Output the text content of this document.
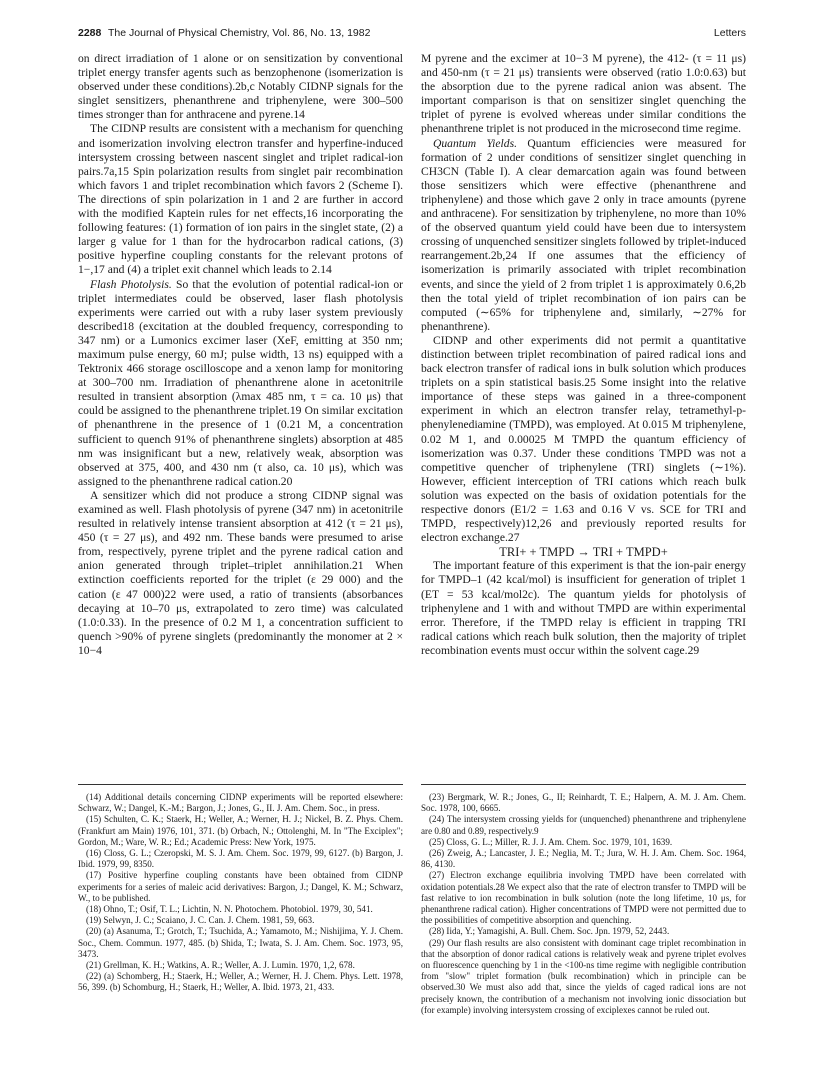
2288 The Journal of Physical Chemistry, Vol. 86, No. 13, 1982	Letters

on direct irradiation of 1 alone or on sensitization by conventional triplet energy transfer agents such as benzophenone (isomerization is observed under these conditions).2b,c Notably CIDNP signals for the singlet sensitizers, phenanthrene and triphenylene, were 300–500 times stronger than for anthracene and pyrene.14

The CIDNP results are consistent with a mechanism for quenching and isomerization involving electron transfer and hyperfine-induced intersystem crossing between nascent singlet and triplet radical-ion pairs.7a,15 Spin polarization results from singlet pair recombination which favors 1 and triplet recombination which favors 2 (Scheme I). The directions of spin polarization in 1 and 2 are further in accord with the modified Kaptein rules for net effects,16 incorporating the following features: (1) formation of ion pairs in the singlet state, (2) a larger g value for 1 than for the hydrocarbon radical cations, (3) positive hyperfine coupling constants for the relevant protons of 1−,17 and (4) a triplet exit channel which leads to 2.14

Flash Photolysis. So that the evolution of potential radical-ion or triplet intermediates could be observed, laser flash photolysis experiments were carried out with a ruby laser system previously described18 (excitation at the doubled frequency, corresponding to 347 nm) or a Lumonics excimer laser (XeF, emitting at 350 nm; maximum pulse energy, 60 mJ; pulse width, 13 ns) equipped with a Tektronix 466 storage oscilloscope and a xenon lamp for monitoring at 300–700 nm. Irradiation of phenanthrene alone in acetonitrile resulted in transient absorption (λmax 485 nm, τ = ca. 10 μs) that could be assigned to the phenanthrene triplet.19 On similar excitation of phenanthrene in the presence of 1 (0.21 M, a concentration sufficient to quench 91% of phenanthrene singlets) absorption at 485 nm was insignificant but a new, relatively weak, absorption was observed at 375, 400, and 430 nm (τ also, ca. 10 μs), which was assigned to the phenanthrene radical cation.20

A sensitizer which did not produce a strong CIDNP signal was examined as well. Flash photolysis of pyrene (347 nm) in acetonitrile resulted in relatively intense transient absorption at 412 (τ = 21 μs), 450 (τ = 27 μs), and 492 nm. These bands were presumed to arise from, respectively, pyrene triplet and the pyrene radical cation and anion generated through triplet–triplet annihilation.21 When extinction coefficients reported for the triplet (ε 29 000) and the cation (ε 47 000)22 were used, a ratio of transients (absorbances decaying at 10–70 μs, extrapolated to zero time) was calculated (1.0:0.33). In the presence of 0.2 M 1, a concentration sufficient to quench >90% of pyrene singlets (predominantly the monomer at 2 × 10−4

M pyrene and the excimer at 10−3 M pyrene), the 412- (τ = 11 μs) and 450-nm (τ = 21 μs) transients were observed (ratio 1.0:0.63) but the absorption due to the pyrene radical anion was absent. The important comparison is that on sensitizer singlet quenching the triplet of pyrene is evolved whereas under similar conditions the phenanthrene triplet is not produced in the microsecond time regime.

Quantum Yields. Quantum efficiencies were measured for formation of 2 under conditions of sensitizer singlet quenching in CH3CN (Table I). A clear demarcation again was found between those sensitizers which were effective (phenanthrene and triphenylene) and those which gave 2 only in trace amounts (pyrene and anthracene). For sensitization by triphenylene, no more than 10% of the observed quantum yield could have been due to intersystem crossing of unquenched sensitizer singlets followed by triplet-induced rearrangement.2b,24 If one assumes that the efficiency of isomerization is primarily associated with triplet recombination events, and since the yield of 2 from triplet 1 is approximately 0.6,2b then the total yield of triplet recombination of ion pairs can be computed (∼65% for triphenylene and, similarly, ∼27% for phenanthrene).

CIDNP and other experiments did not permit a quantitative distinction between triplet recombination of paired radical ions and back electron transfer of radical ions in bulk solution which produces triplets on a spin statistical basis.25 Some insight into the relative importance of these steps was gained in a three-component experiment in which an electron transfer relay, tetramethyl-p-phenylenediamine (TMPD), was employed. At 0.015 M triphenylene, 0.02 M 1, and 0.00025 M TMPD the quantum efficiency of isomerization was 0.37. Under these conditions TMPD was not a competitive quencher of triphenylene (TRI) singlets (∼1%). However, efficient interception of TRI cations which reach bulk solution was expected on the basis of oxidation potentials for the respective donors (E1/2 = 1.63 and 0.16 V vs. SCE for TRI and TMPD, respectively)12,26 and previously reported results for electron exchange.27

TRI+ + TMPD → TRI + TMPD+

The important feature of this experiment is that the ion-pair energy for TMPD–1 (42 kcal/mol) is insufficient for generation of triplet 1 (ET = 53 kcal/mol2c). The quantum yields for photolysis of triphenylene and 1 with and without TMPD are within experimental error. Therefore, if the TMPD relay is efficient in trapping TRI radical cations which reach bulk solution, then the majority of triplet recombination events must occur within the solvent cage.29

(14) Additional details concerning CIDNP experiments will be reported elsewhere: Schwarz, W.; Dangel, K.-M.; Bargon, J.; Jones, G., II. J. Am. Chem. Soc., in press.

(15) Schulten, C. K.; Staerk, H.; Weller, A.; Werner, H. J.; Nickel, B. Z. Phys. Chem. (Frankfurt am Main) 1976, 101, 371. (b) Orbach, N.; Ottolenghi, M. In "The Exciplex"; Gordon, M.; Ware, W. R.; Ed.; Academic Press: New York, 1975.

(16) Closs, G. L.; Czeropski, M. S. J. Am. Chem. Soc. 1979, 99, 6127. (b) Bargon, J. Ibid. 1979, 99, 8350.

(17) Positive hyperfine coupling constants have been obtained from CIDNP experiments for a series of maleic acid derivatives: Bargon, J.; Dangel, K. M.; Schwarz, W., to be published.

(18) Ohno, T.; Osif, T. L.; Lichtin, N. N. Photochem. Photobiol. 1979, 30, 541.

(19) Selwyn, J. C.; Scaiano, J. C. Can. J. Chem. 1981, 59, 663.

(20) (a) Asanuma, T.; Grotch, T.; Tsuchida, A.; Yamamoto, M.; Nishijima, Y. J. Chem. Soc., Chem. Commun. 1977, 485. (b) Shida, T.; Iwata, S. J. Am. Chem. Soc. 1973, 95, 3473.

(21) Grellman, K. H.; Watkins, A. R.; Weller, A. J. Lumin. 1970, 1,2, 678.

(22) (a) Schomberg, H.; Staerk, H.; Weller, A.; Werner, H. J. Chem. Phys. Lett. 1978, 56, 399. (b) Schomburg, H.; Staerk, H.; Weller, A. Ibid. 1973, 21, 433.

(23) Bergmark, W. R.; Jones, G., II; Reinhardt, T. E.; Halpern, A. M. J. Am. Chem. Soc. 1978, 100, 6665.

(24) The intersystem crossing yields for (unquenched) phenanthrene and triphenylene are 0.80 and 0.89, respectively.9

(25) Closs, G. L.; Miller, R. J. J. Am. Chem. Soc. 1979, 101, 1639.

(26) Zweig, A.; Lancaster, J. E.; Neglia, M. T.; Jura, W. H. J. Am. Chem. Soc. 1964, 86, 4130.

(27) Electron exchange equilibria involving TMPD have been correlated with oxidation potentials.28 We expect also that the rate of electron transfer to TMPD will be fast relative to ion recombination in bulk solution (note the long lifetime, 10 μs, for phenanthrene radical cation). Higher concentrations of TMPD were not permitted due to the possibilities of competitive absorption and quenching.

(28) Iida, Y.; Yamagishi, A. Bull. Chem. Soc. Jpn. 1979, 52, 2443.

(29) Our flash results are also consistent with dominant cage triplet recombination in that the absorption of donor radical cations is relatively weak and pyrene triplet evolves on fluorescence quenching by 1 in the <100-ns time regime with negligible contribution from "slow" triplet formation (bulk recombination) which in principle can be observed.30 We must also add that, since the yields of caged radical ions are not precisely known, the contribution of a mechanism not involving ionic dissociation but (for example) involving intersystem crossing of exciplexes cannot be ruled out.
